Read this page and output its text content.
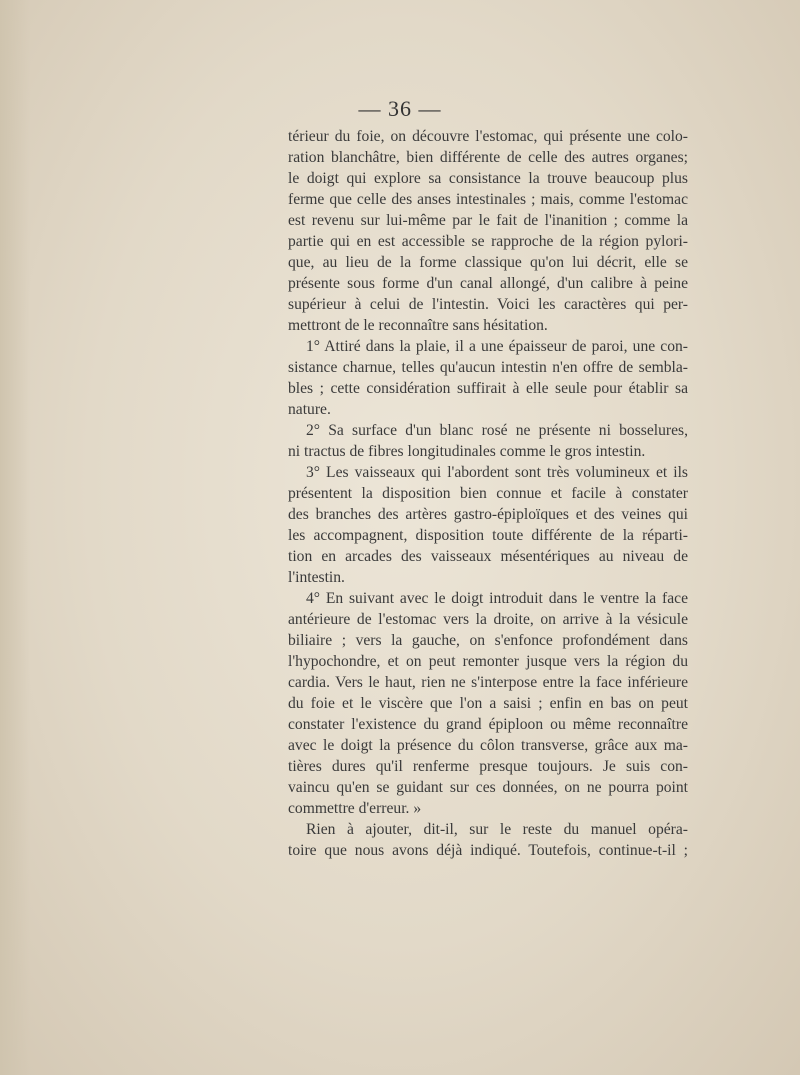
— 36 —
térieur du foie, on découvre l'estomac, qui présente une colo-
ration blanchâtre, bien différente de celle des autres organes;
le doigt qui explore sa consistance la trouve beaucoup plus
ferme que celle des anses intestinales ; mais, comme l'estomac
est revenu sur lui-même par le fait de l'inanition ; comme la
partie qui en est accessible se rapproche de la région pylori-
que, au lieu de la forme classique qu'on lui décrit, elle se
présente sous forme d'un canal allongé, d'un calibre à peine
supérieur à celui de l'intestin. Voici les caractères qui per-
mettront de le reconnaître sans hésitation.
1° Attiré dans la plaie, il a une épaisseur de paroi, une con-
sistance charnue, telles qu'aucun intestin n'en offre de sembla-
bles ; cette considération suffirait à elle seule pour établir sa
nature.
2° Sa surface d'un blanc rosé ne présente ni bosselures,
ni tractus de fibres longitudinales comme le gros intestin.
3° Les vaisseaux qui l'abordent sont très volumineux et ils
présentent la disposition bien connue et facile à constater
des branches des artères gastro-épiploïques et des veines qui
les accompagnent, disposition toute différente de la réparti-
tion en arcades des vaisseaux mésentériques au niveau de
l'intestin.
4° En suivant avec le doigt introduit dans le ventre la face
antérieure de l'estomac vers la droite, on arrive à la vésicule
biliaire ; vers la gauche, on s'enfonce profondément dans
l'hypochondre, et on peut remonter jusque vers la région du
cardia. Vers le haut, rien ne s'interpose entre la face inférieure
du foie et le viscère que l'on a saisi ; enfin en bas on peut
constater l'existence du grand épiploon ou même reconnaître
avec le doigt la présence du côlon transverse, grâce aux ma-
tières dures qu'il renferme presque toujours. Je suis con-
vaincu qu'en se guidant sur ces données, on ne pourra point
commettre d'erreur. »
Rien à ajouter, dit-il, sur le reste du manuel opéra-
toire que nous avons déjà indiqué. Toutefois, continue-t-il ;
